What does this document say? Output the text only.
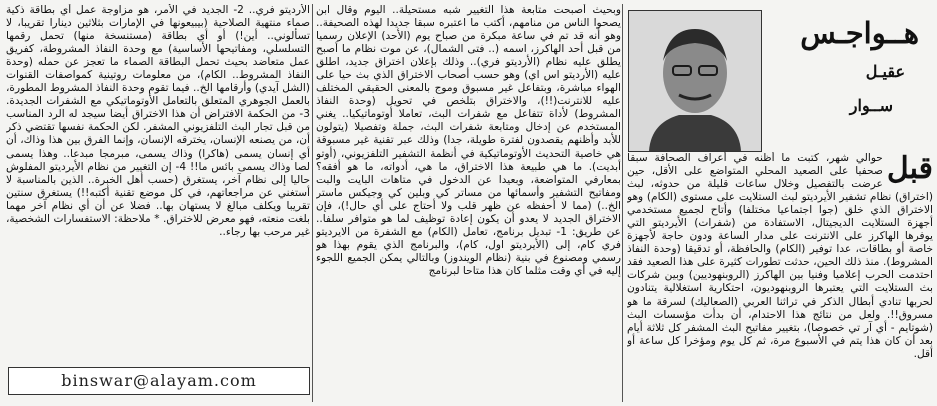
هــواجـس
عقيـل
ســوار

قبل
حوالي شهر، كتبت ما أظنه في أعراف الصحافة سبقا صحفيا على الصعيد المحلي المتواضع على الأقل، حين عرضت بالتفصيل وخلال ساعات قليلة من حدوثه، لبث (اختراق) نظام تشفير الأيرديتو لبث الستلايت على مستوى (الكام) وهو الاختراق الذي خلق (جوا اجتماعيا مختلفا) وأتاح لجميع مستخدمي أجهزة الستلايت الديجيتال، الاستفادة من (شفرات) الأيرديتو التي يوفرها الهاكرز على الانترنت على مدار الساعة ودون حاجة لأجهزة خاصة أو بطاقات، عدا توفير (الكام) والحافظة، أو تدقيقا (وحدة النفاذ المشروط). منذ ذلك الحين، حدثت تطورات كثيرة على هذا الصعيد فقد احتدمت الحرب إعلاميا وفنيا بين الهاكرز (الروبنهوديين) وبين شركات بث الستلايت التي يعتبرها الروبنهوديون، احتكارية استغلالية يتنادون لحربها تنادي أبطال الذكر في تراثنا العربي (الصعاليك) لسرقة ما هو مسروق!!. ولعل من نتائج هذا الاحتدام، أن بدأت مؤسسات البث (شوتايم - أي آر تي خصوصا)، بتغيير مفاتيح البث المشفر كل ثلاثة أيام بعد أن كان هذا يتم في الأسبوع مرة، ثم كل يوم ومؤخرا كل ساعة أو أقل.

وبحيث أصبحت متابعة هذا التغيير شبه مستحيلة.. اليوم وقال ابن يصحوا الناس من منامهم، أكتب ما اعتبره سبقا جديدا لهذه الصحيفة.. وهو أنه قد تم في ساعة مبكرة من صباح يوم (الأحد) الإعلان رسميا من قبل أحد الهاكرز، اسمه (.. فتى الشمال)، عن موت نظام ما أصبح يطلق عليه نظام (الأرديتو فري).. وذلك بإعلان اختراق جديد، اطلق عليه (الأرديتو اس اي) وهو حسب أصحاب الاختراق الذي بث حيا على الهواء مباشرة، وبتفاعل غير مسبوق وموج بالمعنى الحقيقي المختلف عليه للانترنت(!!)، والاختراق بتلخص في تحويل (وحدة النفاذ المشروط) لأداة تتفاعل مع شفرات البث، تعاملا أوتوماتيكيا.. يغني المستخدم عن إدخال ومتابعة شفرات البث، جملة وتفصيلا (يتولون للأبد وأظنهم يقصدون لفترة طويلة، جدا) وذلك عبر تقنية غير مسبوقة هي خاصية التحديث الأوتوماتيكية في أنظمة التشفير التلفزيوني، (أوتو أبديت). ما هي طبيعة هذا الاختراق، ما هي، أدواته، ما هو أفقه؟ بمعارفي المتواضعة، وبعيدا عن الدخول في متاهات البايت والبت ومفاتيح التشفير وأسمائها من مساتر كي وبلين كي وجيكس ماستر الخ..) (مما لا أحفظه عن ظهر قلب ولا أحتاج على أي حال!)، فإن الاختراق الجديد لا يعدو أن يكون إعادة توظيف لما هو متوافر سلفا.. عن طريق: 1- تبديل برنامج، تعامل (الكام) مع الشفرة من الايرديتو فري كام، إلى (الأيرديتو اول، كام)، والبرنامج الذي يقوم بهذا هو رسمي ومصنوع في بنية (نظام الويندوز) وبالتالي يمكن الجميع اللجوء إليه في أي وقت مثلما كان هذا متاحا لبرنامج

الأرديتو فري.. 2- الجديد في الأمر، هو مزاوجة عمل أي بطاقة ذكية صماء منتهية الصلاحية (بيبيعونها في الإمارات بثلاثين دينارا تقريبا، لا تسألوني.. أين!) أو أي بطاقة (مستنسخة منها) تحمل رقمها التسلسلي، ومفاتيحها الأساسية) مع وحدة النفاذ المشروطة، كفريق عمل متعاضد بحيث تحمل البطاقة الصماء ما تعجز عن حمله (وحدة النفاذ المشروط.. الكام)، من معلومات روتينية كمواصفات القنوات (الشل آيدي) وأرقامها الخ.. فيما تقوم وحدة النفاذ المشروط المطورة، بالعمل الجوهري المتعلق بالتعامل الأوتوماتيكي مع الشفرات الجديدة. 3- من الحكمة الافتراض أن هذا الاختراق أيضا سيجد له الرد المناسب من قبل تجار البث التلفزيوني المشفر. لكن الحكمة نفسها تقتضي ذكر أن، من يصنعه الإنسان، يخترقه الإنسان، وإنما الفرق بين هذا وذاك، أن أي إنسان يسمى (هاكرا) وذاك يسمى، مبرمجا مبدعا.. وهذا يسمى لصا وذاك يسمى بائس ما!! 4- إن التغيير من نظام الأيرديتو المفلوش حاليا إلى نظام آخر، يستغرق (حسب أهل الخبرة.. الذين بالمناسبة لا أستغني عن مراجعاتهم، في كل موضع تقنية أكتبه!!) يستغرق سنتين تقريبا ويكلف مبالغ لا يستهان بها.. فضلا عن أن أي نظام آخر مهما بلغت منعته، فهو معرض للاختراق. * ملاحظة: الاستفسارات الشخصية، غير مرحب بها رجاء..

binswar@alayam.com
